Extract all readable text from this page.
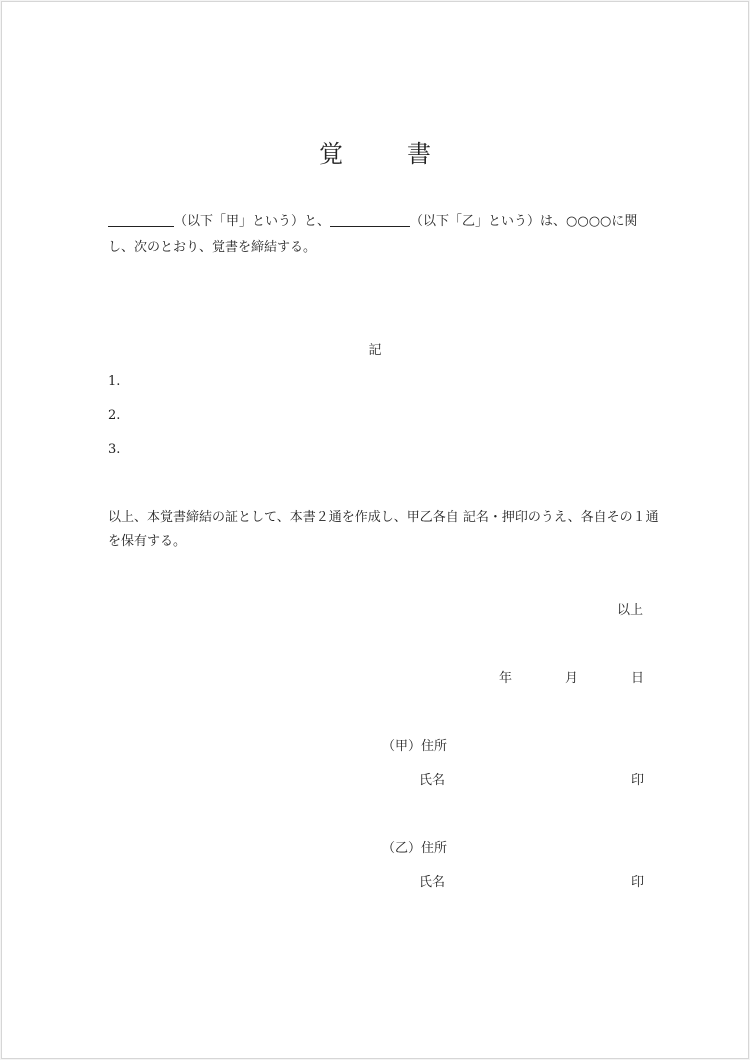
覚　書
（以下「甲」という）と、	（以下「乙」という）は、○○○○に関
し、次のとおり、覚書を締結する。
記
1.
2.
3.
以上、本覚書締結の証として、本書２通を作成し、甲乙各自 記名・押印のうえ、各自その１通
を保有する。
以上
年	月	日
（甲）住所
氏名	印
（乙）住所
氏名	印
